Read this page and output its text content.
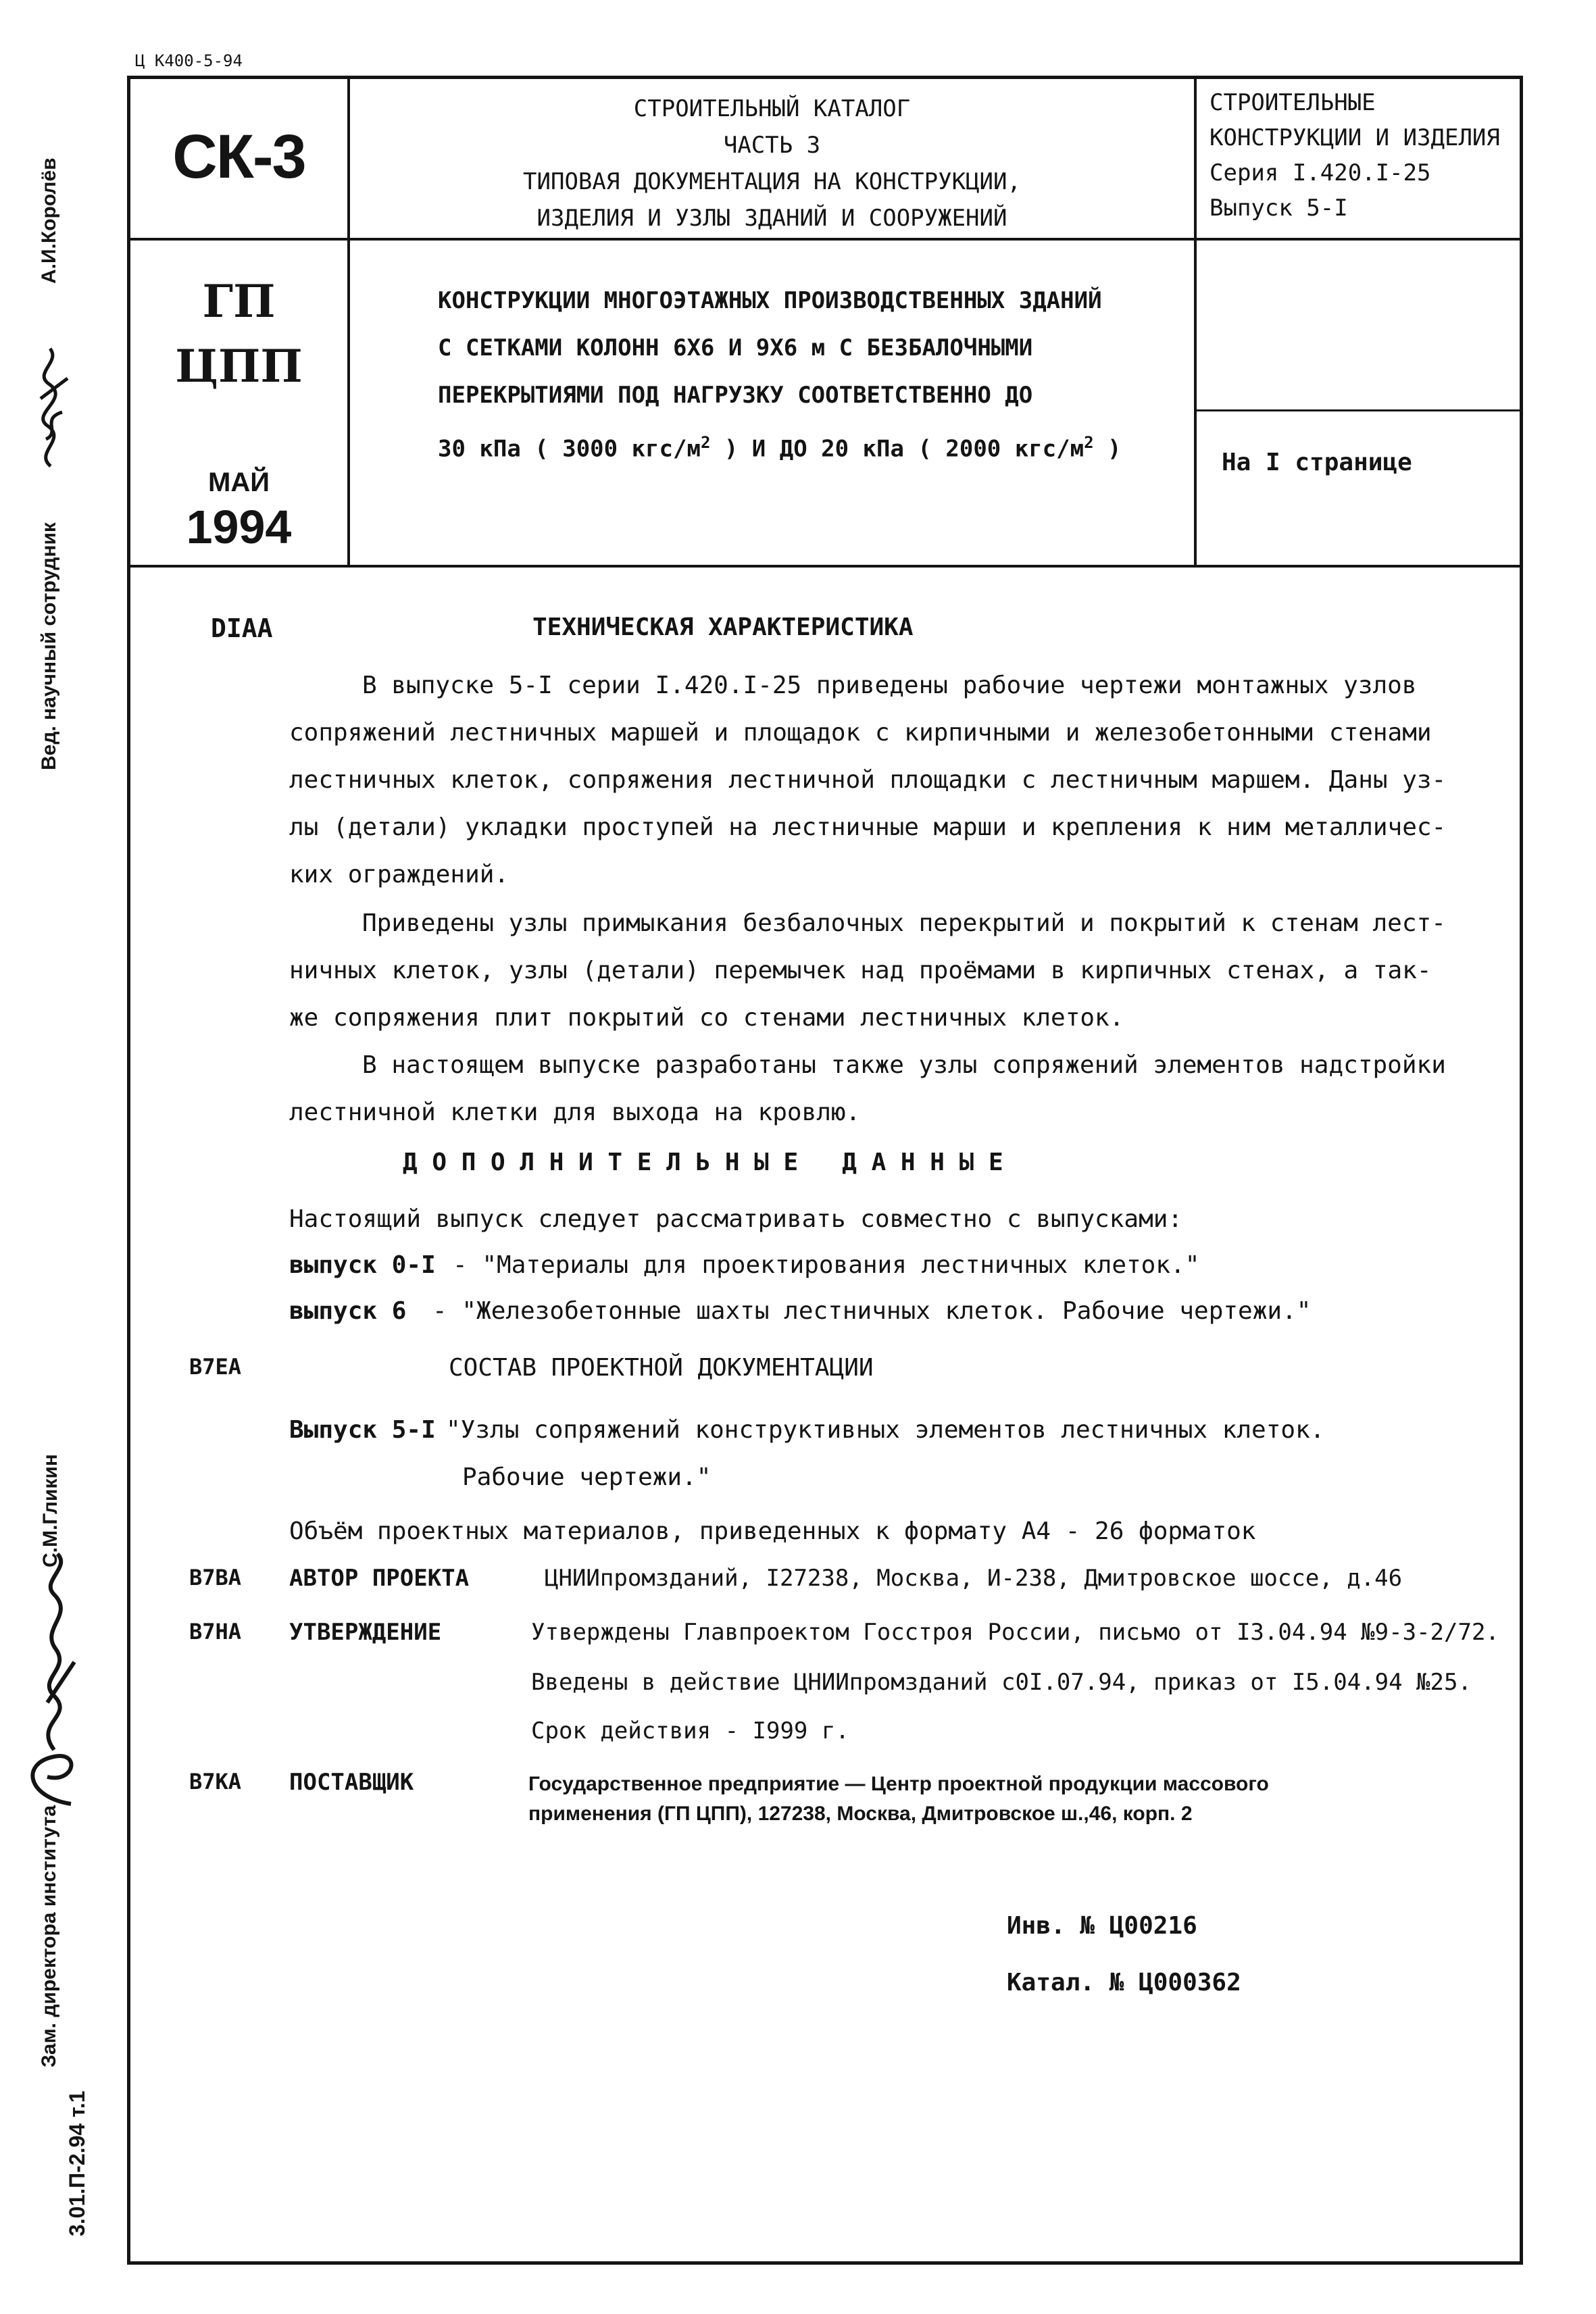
Ц К400-5-94
СК-3
СТРОИТЕЛЬНЫЙ КАТАЛОГ
ЧАСТЬ 3
ТИПОВАЯ ДОКУМЕНТАЦИЯ НА КОНСТРУКЦИИ,
ИЗДЕЛИЯ И УЗЛЫ ЗДАНИЙ И СООРУЖЕНИЙ
СТРОИТЕЛЬНЫЕ
КОНСТРУКЦИИ И ИЗДЕЛИЯ
Серия I.420.I-25
Выпуск 5-I
ГП
ЦПП
МАЙ
1994
КОНСТРУКЦИИ МНОГОЭТАЖНЫХ ПРОИЗВОДСТВЕННЫХ ЗДАНИЙ
С СЕТКАМИ КОЛОНН 6Х6 И 9Х6 м С БЕЗБАЛОЧНЫМИ
ПЕРЕКРЫТИЯМИ ПОД НАГРУЗКУ СООТВЕТСТВЕННО ДО
30 кПа ( 3000 кгс/$м^2$ ) И ДО 20 кПа ( 2000 кгс/$м^2$ )	На I странице
DIAA	ТЕХНИЧЕСКАЯ ХАРАКТЕРИСТИКА
В выпуске 5-I серии I.420.I-25 приведены рабочие чертежи монтажных узлов
сопряжений лестничных маршей и площадок с кирпичными и железобетонными стенами
лестничных клеток, сопряжения лестничной площадки с лестничным маршем. Даны уз-
лы (детали) укладки проступей на лестничные марши и крепления к ним металличес-
ких ограждений.
Приведены узлы примыкания безбалочных перекрытий и покрытий к стенам лест-
ничных клеток, узлы (детали) перемычек над проёмами в кирпичных стенах, а так-
же сопряжения плит покрытий со стенами лестничных клеток.
В настоящем выпуске разработаны также узлы сопряжений элементов надстройки
лестничной клетки для выхода на кровлю.
Д О П О Л Н И Т Е Л Ь Н Ы Е   Д А Н Н Ы Е
Настоящий выпуск следует рассматривать совместно с выпусками:
выпуск 0-I - "Материалы для проектирования лестничных клеток."
выпуск 6 - "Железобетонные шахты лестничных клеток. Рабочие чертежи."
B7EA	СОСТАВ ПРОЕКТНОЙ ДОКУМЕНТАЦИИ
Выпуск 5-I "Узлы сопряжений конструктивных элементов лестничных клеток.
Рабочие чертежи."
Объём проектных материалов, приведенных к формату А4 - 26 форматок
B7BA АВТОР ПРОЕКТА	ЦНИИпромзданий, I27238, Москва, И-238, Дмитровское шоссе, д.46
B7HA УТВЕРЖДЕНИЕ	Утверждены Главпроектом Госстроя России, письмо от I3.04.94 №9-3-2/72.
Введены в действие ЦНИИпромзданий с0I.07.94, приказ от I5.04.94 №25.
Срок действия - I999 г.
B7KA ПОСТАВЩИК	Государственное предприятие — Центр проектной продукции массового
применения (ГП ЦПП), 127238, Москва, Дмитровское ш.,46, корп. 2
Инв. № Ц00216
Катал. № Ц000362
Вед. научный сотрудник
А.И.Королёв
Зам. директора института
С.М.Гликин
3.01.П-2.94 т.1
